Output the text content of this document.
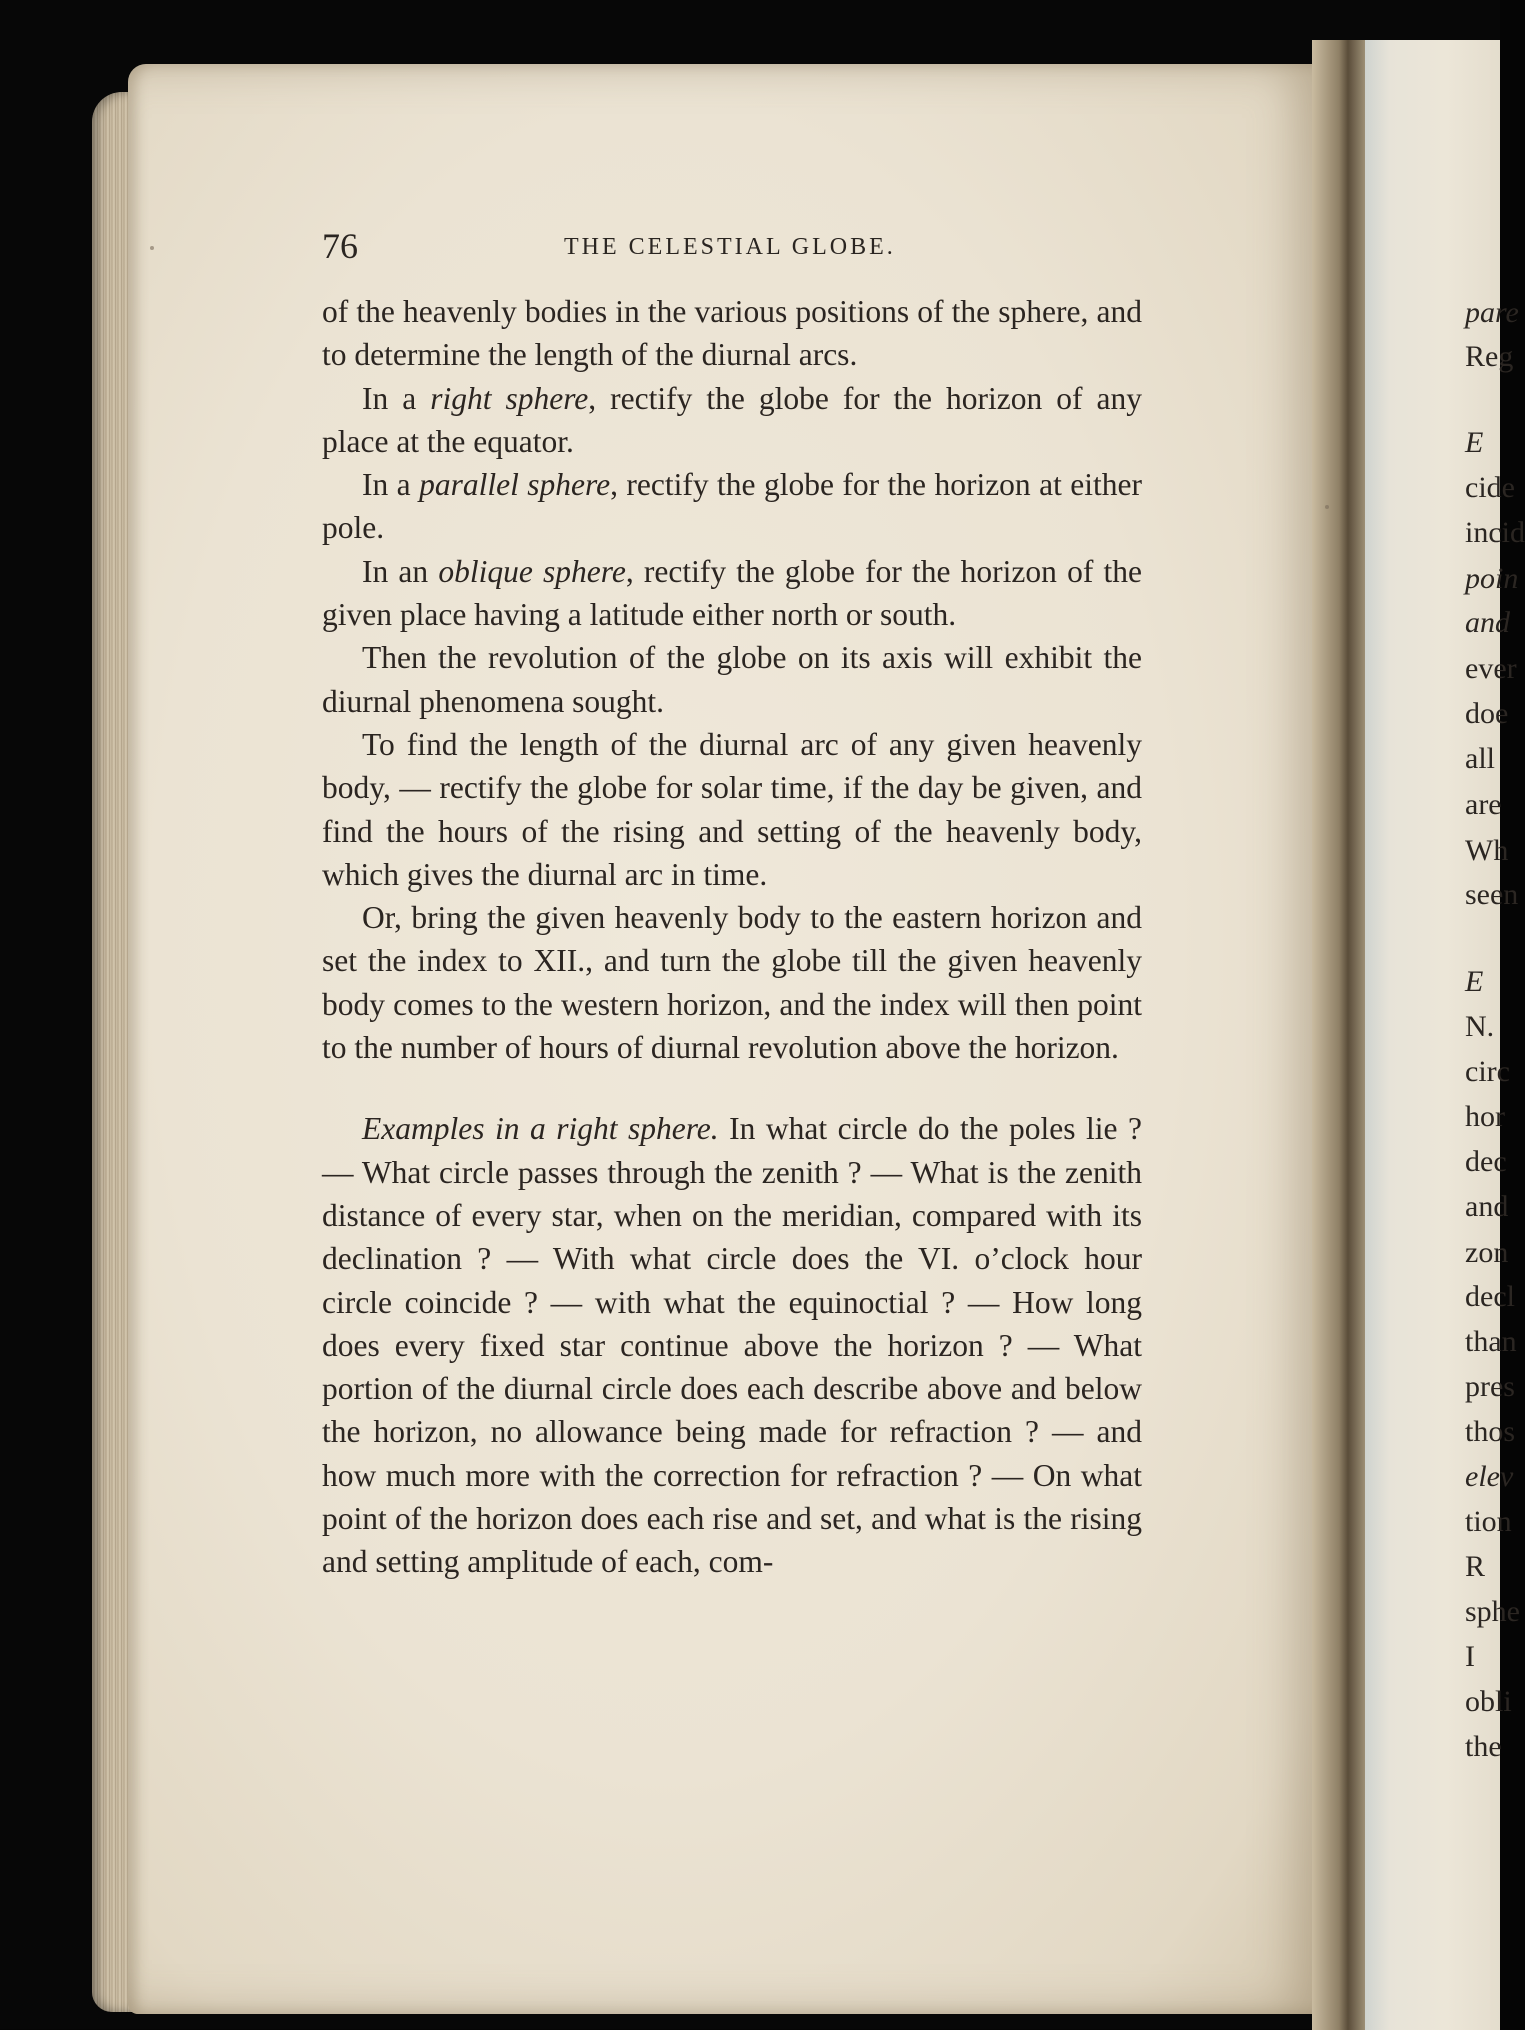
pare
Reg
E
cide
incid
poin
and
ever
doe
all
are
Wh
seen
E
N.
circ
hor
dec
and
zon
decl
than
pres
thos
elev
tion
R
sphe
I
obli
the
76	THE CELESTIAL GLOBE.

of the heavenly bodies in the various positions of the sphere, and to determine the length of the diurnal arcs.

In a right sphere, rectify the globe for the horizon of any place at the equator.

In a parallel sphere, rectify the globe for the horizon at either pole.

In an oblique sphere, rectify the globe for the horizon of the given place having a latitude either north or south.

Then the revolution of the globe on its axis will exhibit the diurnal phenomena sought.

To find the length of the diurnal arc of any given heavenly body, — rectify the globe for solar time, if the day be given, and find the hours of the rising and setting of the heavenly body, which gives the diurnal arc in time.

Or, bring the given heavenly body to the eastern horizon and set the index to XII., and turn the globe till the given heavenly body comes to the western horizon, and the index will then point to the number of hours of diurnal revolution above the horizon.

Examples in a right sphere. In what circle do the poles lie ? — What circle passes through the zenith ? — What is the zenith distance of every star, when on the meridian, compared with its declination ? — With what circle does the VI. o’clock hour circle coincide ? — with what the equinoctial ? — How long does every fixed star continue above the horizon ? — What portion of the diurnal circle does each describe above and below the horizon, no allowance being made for refraction ? — and how much more with the correction for refraction ? — On what point of the horizon does each rise and set, and what is the rising and setting amplitude of each, com-
